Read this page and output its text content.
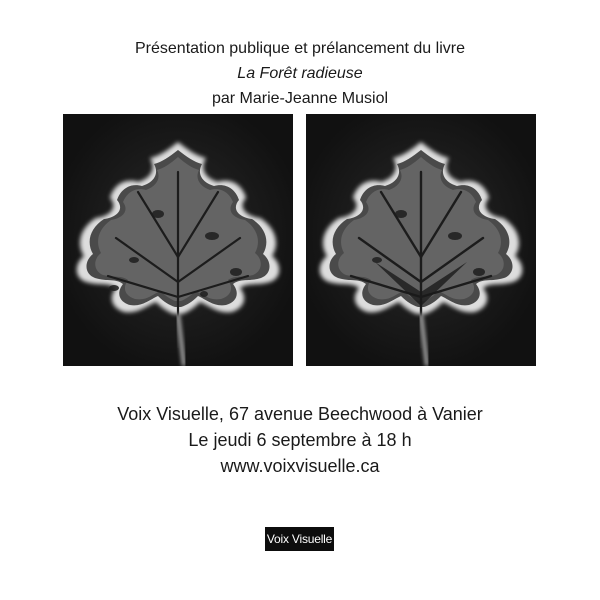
Présentation publique et prélancement du livre
La Forêt radieuse
par Marie-Jeanne Musiol
Voix Visuelle, 67 avenue Beechwood à Vanier
Le jeudi 6 septembre à 18 h
www.voixvisuelle.ca
Voix Visuelle
